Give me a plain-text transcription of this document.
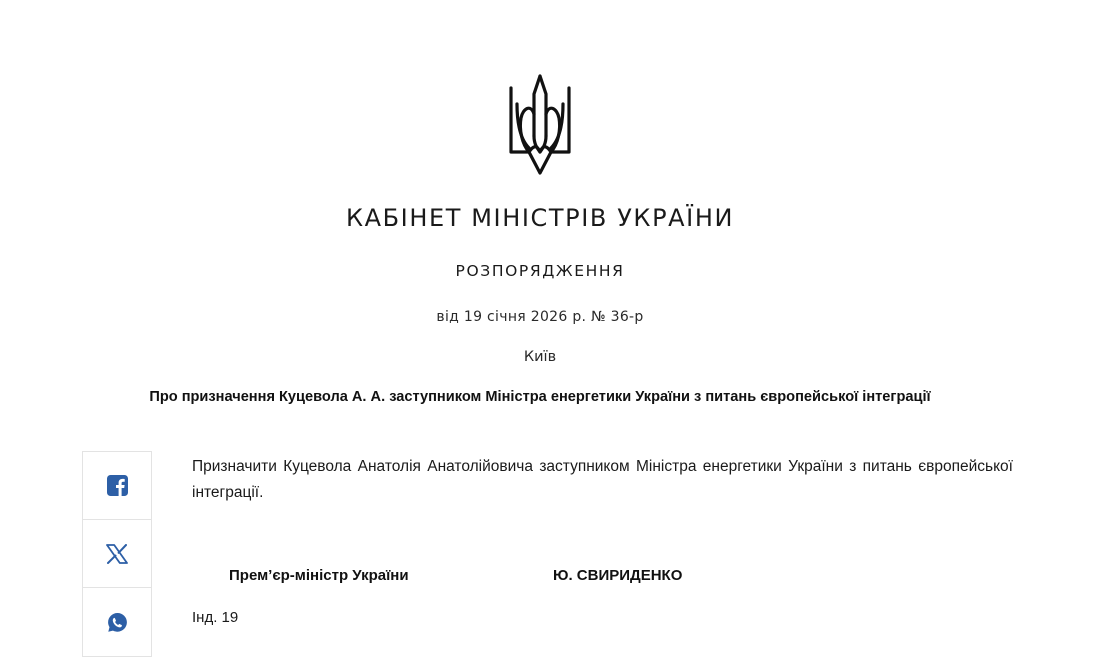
КАБІНЕТ МІНІСТРІВ УКРАЇНИ
РОЗПОРЯДЖЕННЯ
від 19 січня 2026 р. № 36-р
Київ
Про призначення Куцевола А. А. заступником Міністра енергетики України з питань європейської інтеграції
Призначити Куцевола Анатолія Анатолійовича заступником Міністра енергетики України з питань європейської інтеграції.
Прем’єр-міністр України	Ю. СВИРИДЕНКО
Інд. 19
